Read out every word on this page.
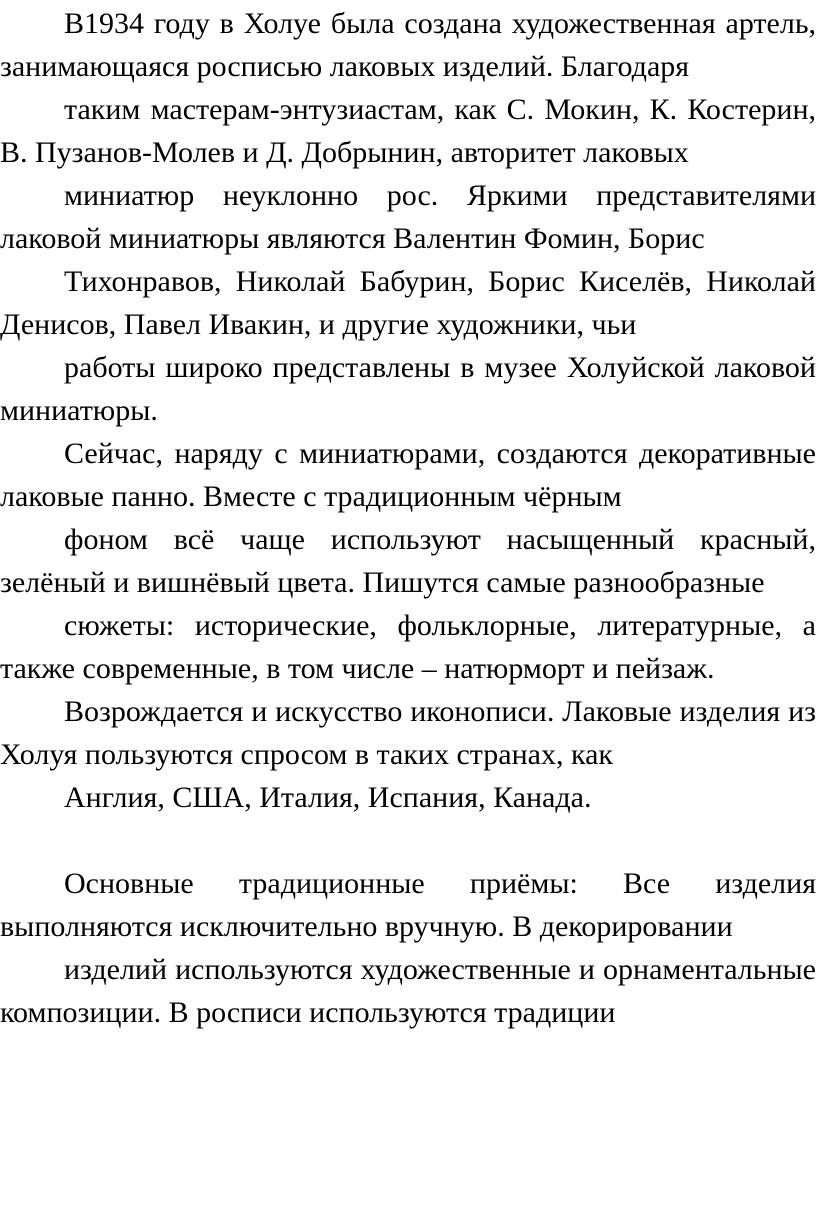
В1934 году в Холуе была создана художественная артель, занимающаяся росписью лаковых изделий. Благодаря

таким мастерам-энтузиастам, как С. Мокин, К. Костерин, В. Пузанов-Молев и Д. Добрынин, авторитет лаковых

миниатюр неуклонно рос. Яркими представителями лаковой миниатюры являются Валентин Фомин, Борис

Тихонравов, Николай Бабурин, Борис Киселёв, Николай Денисов, Павел Ивакин, и другие художники, чьи

работы широко представлены в музее Холуйской лаковой миниатюры.

Сейчас, наряду с миниатюрами, создаются декоративные лаковые панно. Вместе с традиционным чёрным

фоном всё чаще используют насыщенный красный, зелёный и вишнёвый цвета. Пишутся самые разнообразные

сюжеты: исторические, фольклорные, литературные, а также современные, в том числе – натюрморт и пейзаж.

Возрождается и искусство иконописи. Лаковые изделия из Холуя пользуются спросом в таких странах, как

Англия, США, Италия, Испания, Канада.

Основные традиционные приёмы: Все изделия выполняются исключительно вручную. В декорировании

изделий используются художественные и орнаментальные композиции. В росписи используются традиции
